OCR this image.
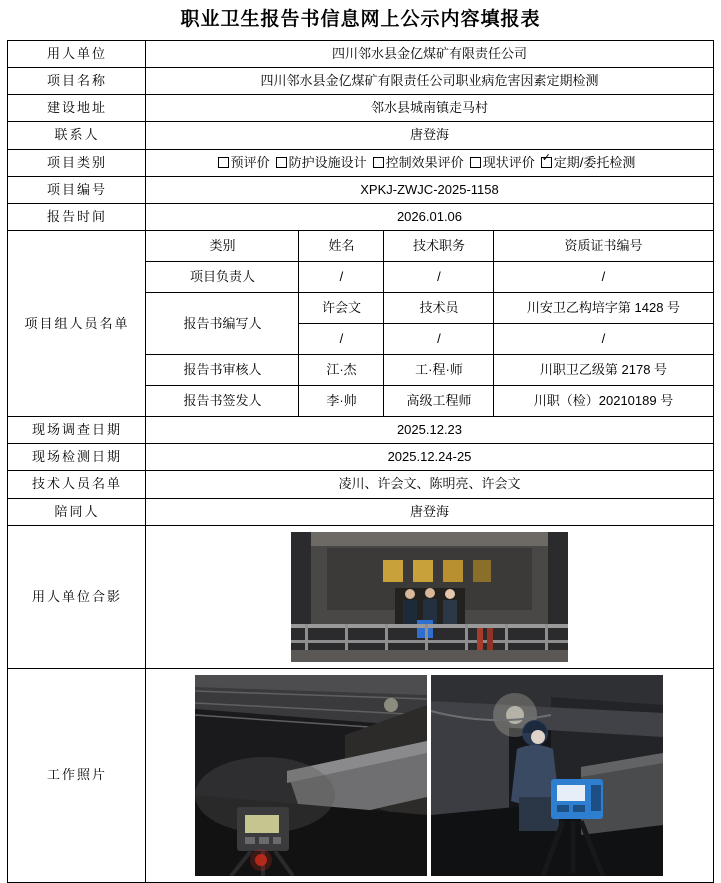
职业卫生报告书信息网上公示内容填报表
用人单位	四川邻水县金亿煤矿有限责任公司			
项目名称	四川邻水县金亿煤矿有限责任公司职业病危害因素定期检测			
建设地址	邻水县城南镇走马村			
联系人	唐登海			
项目类别	预评价 防护设施设计 控制效果评价 现状评价 ✓ 定期/委托检测
项目编号	XPKJ-ZWJC-2025-1158			
报告时间	2026.01.06			
项目组人员名单	类别	姓名	技术职务	资质证书编号
	项目负责人	/	/	/
	报告书编写人	许会文	技术员	川安卫乙构培字第 1428 号
		/	/	/
	报告书审核人	江·杰	工·程·师	川职卫乙级第 2178 号
	报告书签发人	李·帅	高级工程师	川职（检）20210189 号
现场调查日期	2025.12.23			
现场检测日期	2025.12.24-25			
技术人员名单	凌川、许会文、陈明亮、许会文			
陪同人	唐登海			
用人单位合影	

工作照片	
